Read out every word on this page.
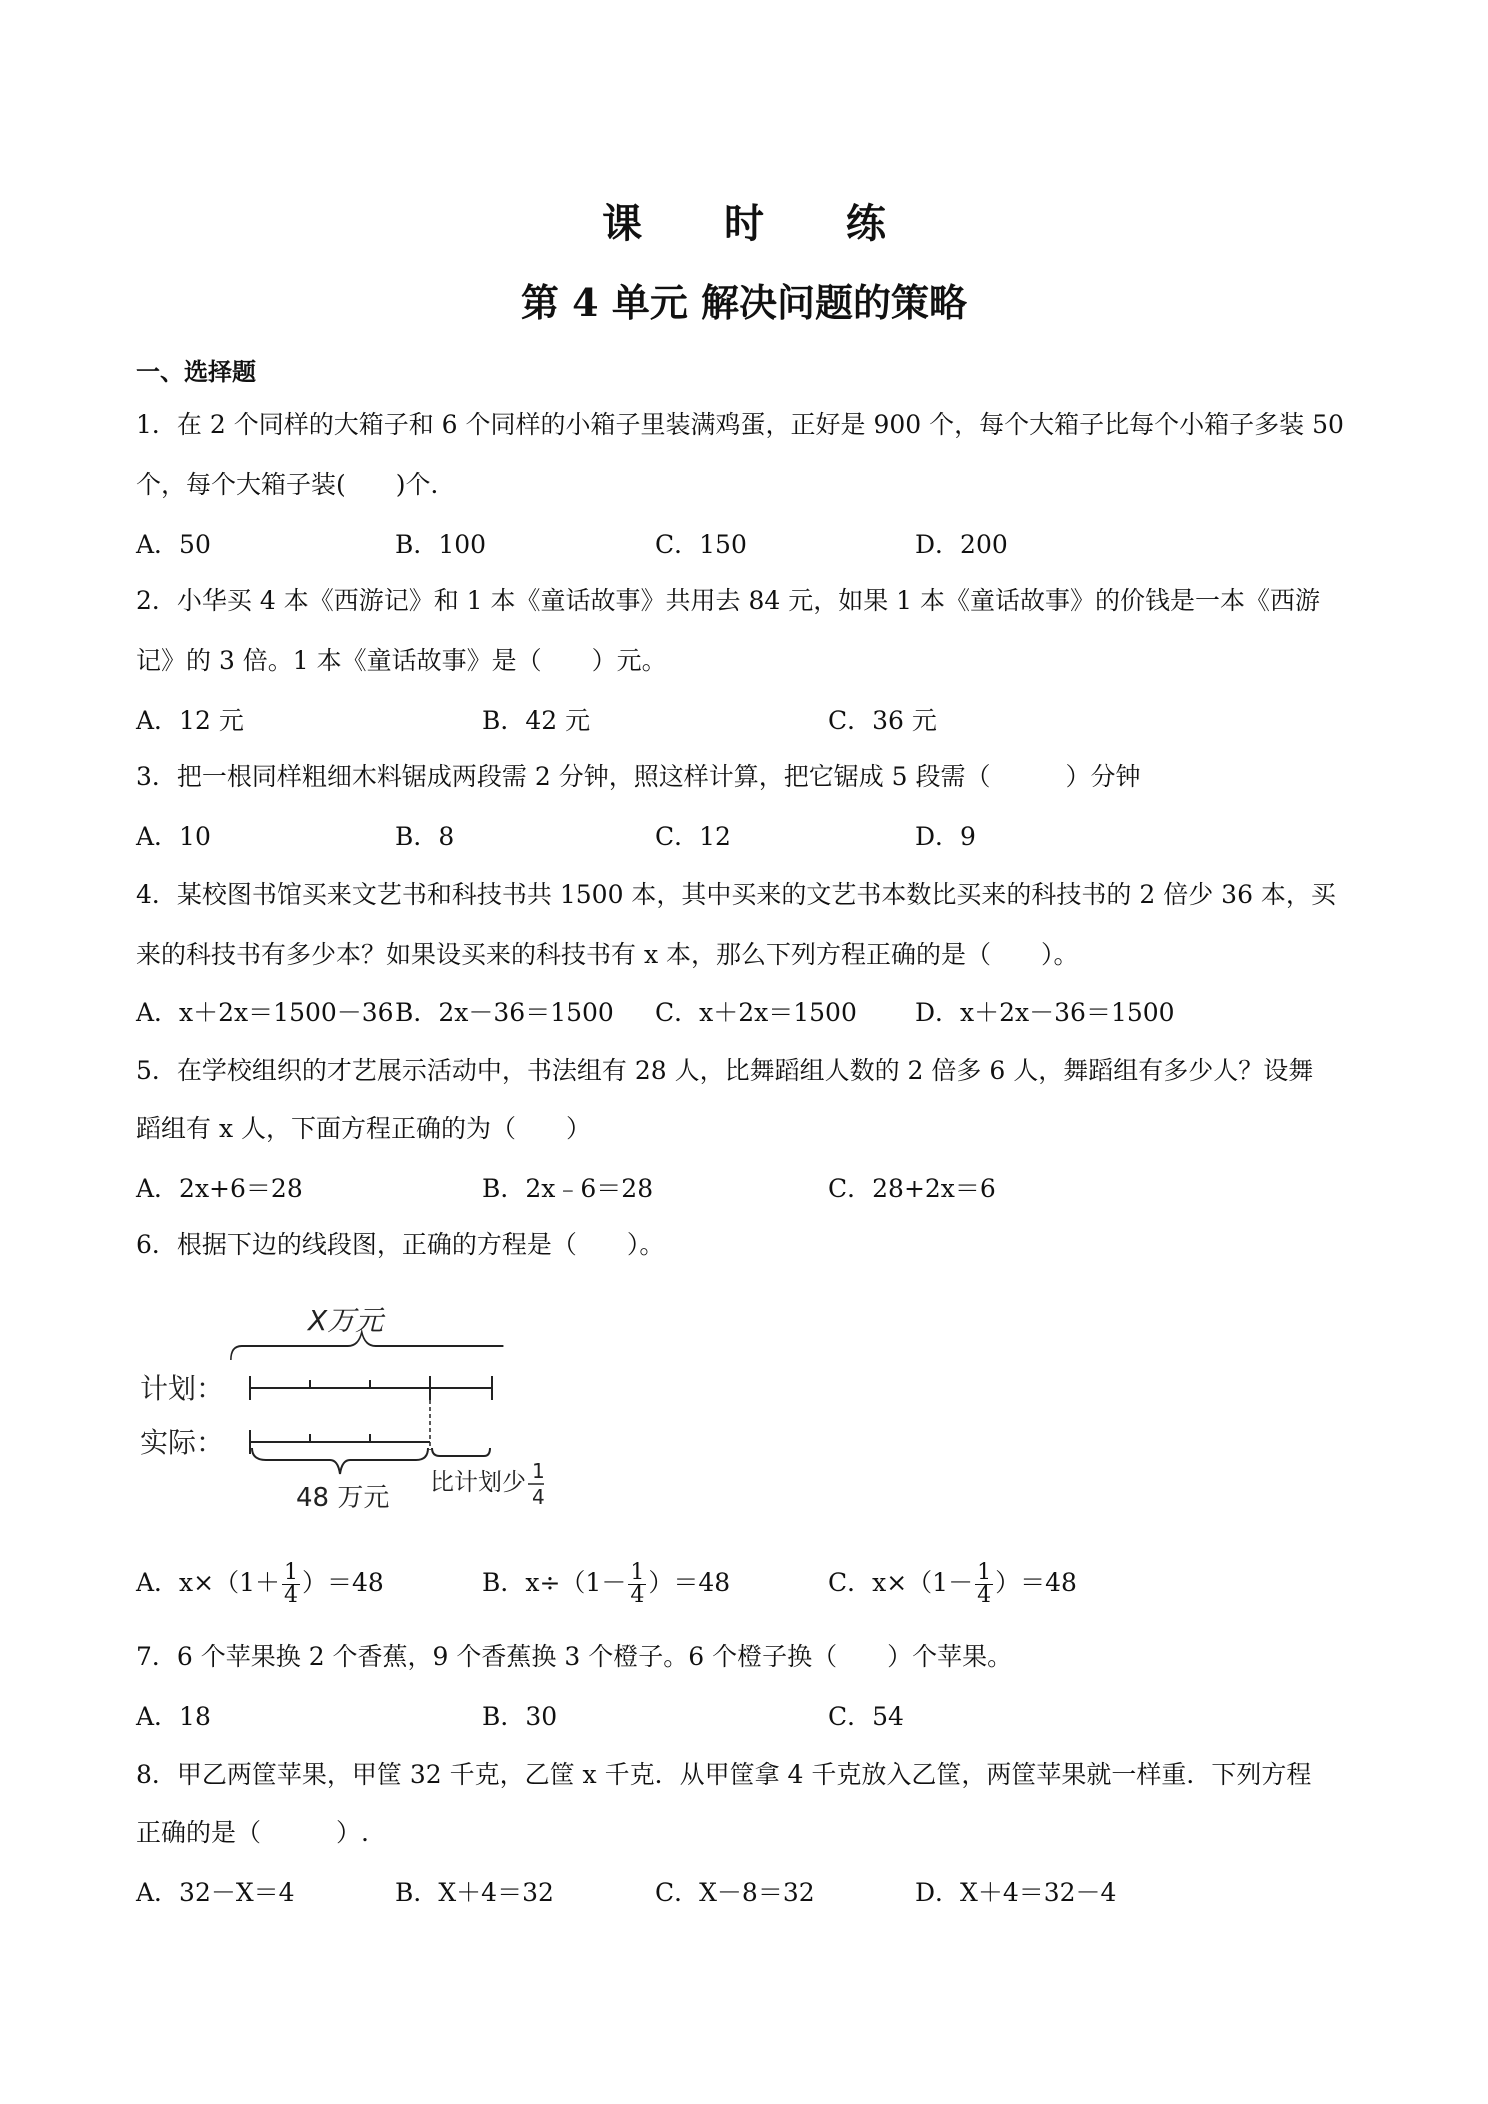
课 时 练
第 4 单元 解决问题的策略
一、选择题
1．在 2 个同样的大箱子和 6 个同样的小箱子里装满鸡蛋，正好是 900 个，每个大箱子比每个小箱子多装 50
个，每个大箱子装(　　)个．
A．50	B．100	C．150	D．200
2．小华买 4 本《西游记》和 1 本《童话故事》共用去 84 元，如果 1 本《童话故事》的价钱是一本《西游
记》的 3 倍。1 本《童话故事》是（　　）元。
A．12 元	B．42 元	C．36 元
3．把一根同样粗细木料锯成两段需 2 分钟，照这样计算，把它锯成 5 段需（　　　）分钟
A．10	B．8	C．12	D．9
4．某校图书馆买来文艺书和科技书共 1500 本，其中买来的文艺书本数比买来的科技书的 2 倍少 36 本，买
来的科技书有多少本？如果设买来的科技书有 x 本，那么下列方程正确的是（　　）。
A．x＋2x＝1500－36 B．2x－36＝1500 C．x＋2x＝1500 D．x＋2x－36＝1500
5．在学校组织的才艺展示活动中，书法组有 28 人，比舞蹈组人数的 2 倍多 6 人，舞蹈组有多少人？设舞
蹈组有 x 人，下面方程正确的为（　　）
A．2x+6＝28	B．2x﹣6＝28	C．28+2x＝6
6．根据下边的线段图，正确的方程是（　　）。
X万元
计划：
实际：
48 万元
比计划少 1
4
A．$x\times(1+ \frac{1}{4} )=48$	B．$x\div(1- \frac{1}{4} )=48$	C．$x\times(1- \frac{1}{4} )=48$
7．6 个苹果换 2 个香蕉，9 个香蕉换 3 个橙子。6 个橙子换（　　）个苹果。
A．18	B．30	C．54
8．甲乙两筐苹果，甲筐 32 千克，乙筐 x 千克．从甲筐拿 4 千克放入乙筐，两筐苹果就一样重．下列方程
正确的是（　　　）.
A．32－X＝4	B．X＋4＝32	C．X－8＝32	D．X＋4＝32－4
